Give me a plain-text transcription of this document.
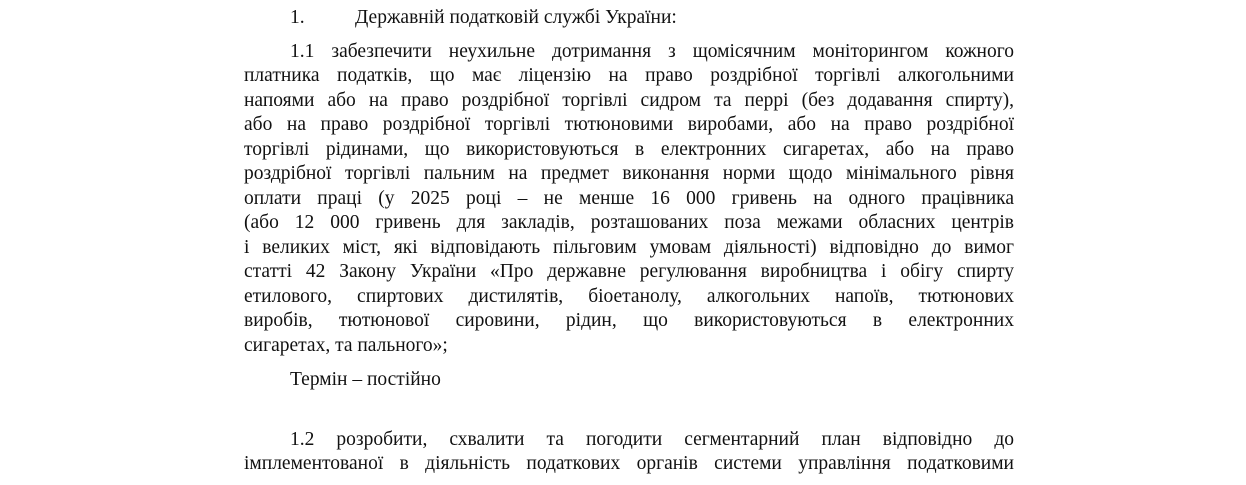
1.	Державній податковій службі України:
1.1 забезпечити неухильне дотримання з щомісячним моніторингом кожного
платника податків, що має ліцензію на право роздрібної торгівлі алкогольними
напоями або на право роздрібної торгівлі сидром та перрі (без додавання спирту),
або на право роздрібної торгівлі тютюновими виробами, або на право роздрібної
торгівлі рідинами, що використовуються в електронних сигаретах, або на право
роздрібної торгівлі пальним на предмет виконання норми щодо мінімального рівня
оплати праці (у 2025 році – не менше 16 000 гривень на одного працівника
(або 12 000 гривень для закладів, розташованих поза межами обласних центрів
і великих міст, які відповідають пільговим умовам діяльності) відповідно до вимог
статті 42 Закону України «Про державне регулювання виробництва і обігу спирту
етилового, спиртових дистилятів, біоетанолу, алкогольних напоїв, тютюнових
виробів, тютюнової сировини, рідин, що використовуються в електронних
сигаретах, та пального»;
Термін – постійно
1.2 розробити, схвалити та погодити сегментарний план відповідно до
імплементованої в діяльність податкових органів системи управління податковими
